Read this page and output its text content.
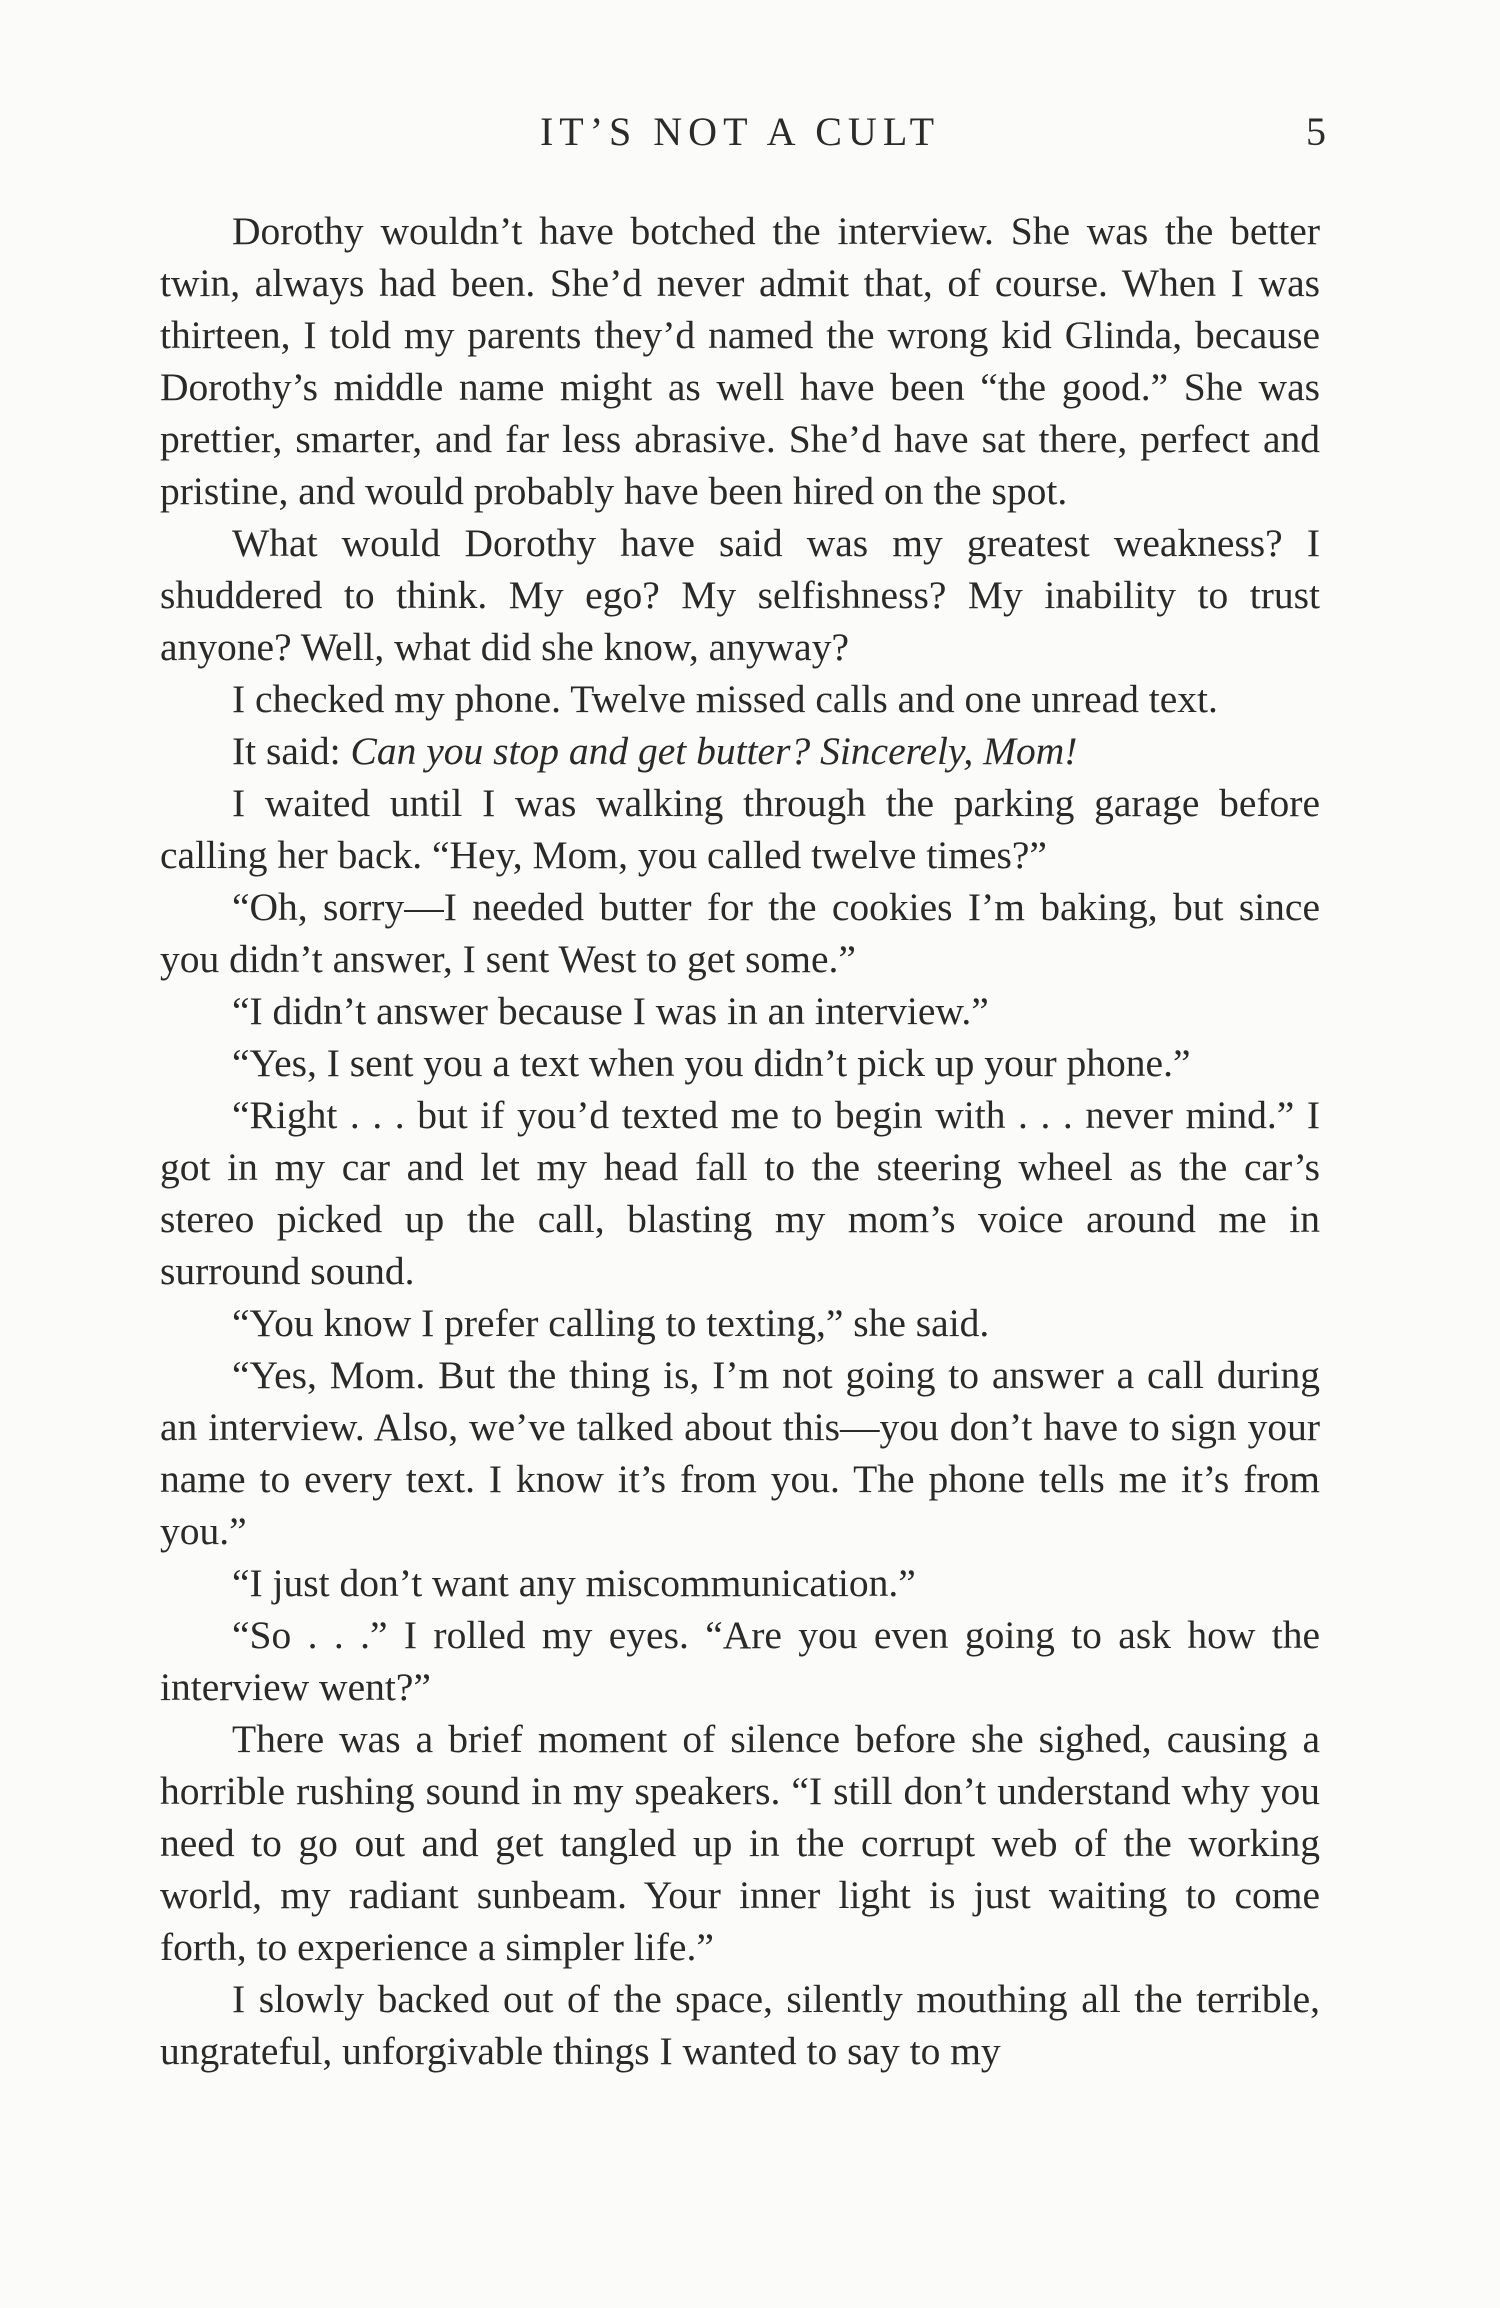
IT’S NOT A CULT	5

Dorothy wouldn’t have botched the interview. She was the better twin, always had been. She’d never admit that, of course. When I was thirteen, I told my parents they’d named the wrong kid Glinda, because Dorothy’s middle name might as well have been “the good.” She was prettier, smarter, and far less abrasive. She’d have sat there, perfect and pristine, and would probably have been hired on the spot.

What would Dorothy have said was my greatest weakness? I shuddered to think. My ego? My selfishness? My inability to trust anyone? Well, what did she know, anyway?

I checked my phone. Twelve missed calls and one unread text.

It said: Can you stop and get butter? Sincerely, Mom!

I waited until I was walking through the parking garage before calling her back. “Hey, Mom, you called twelve times?”

“Oh, sorry—I needed butter for the cookies I’m baking, but since you didn’t answer, I sent West to get some.”

“I didn’t answer because I was in an interview.”

“Yes, I sent you a text when you didn’t pick up your phone.”

“Right . . . but if you’d texted me to begin with . . . never mind.” I got in my car and let my head fall to the steering wheel as the car’s stereo picked up the call, blasting my mom’s voice around me in surround sound.

“You know I prefer calling to texting,” she said.

“Yes, Mom. But the thing is, I’m not going to answer a call during an interview. Also, we’ve talked about this—you don’t have to sign your name to every text. I know it’s from you. The phone tells me it’s from you.”

“I just don’t want any miscommunication.”

“So . . .” I rolled my eyes. “Are you even going to ask how the interview went?”

There was a brief moment of silence before she sighed, causing a horrible rushing sound in my speakers. “I still don’t understand why you need to go out and get tangled up in the corrupt web of the working world, my radiant sunbeam. Your inner light is just waiting to come forth, to experience a simpler life.”

I slowly backed out of the space, silently mouthing all the terrible, ungrateful, unforgivable things I wanted to say to my
